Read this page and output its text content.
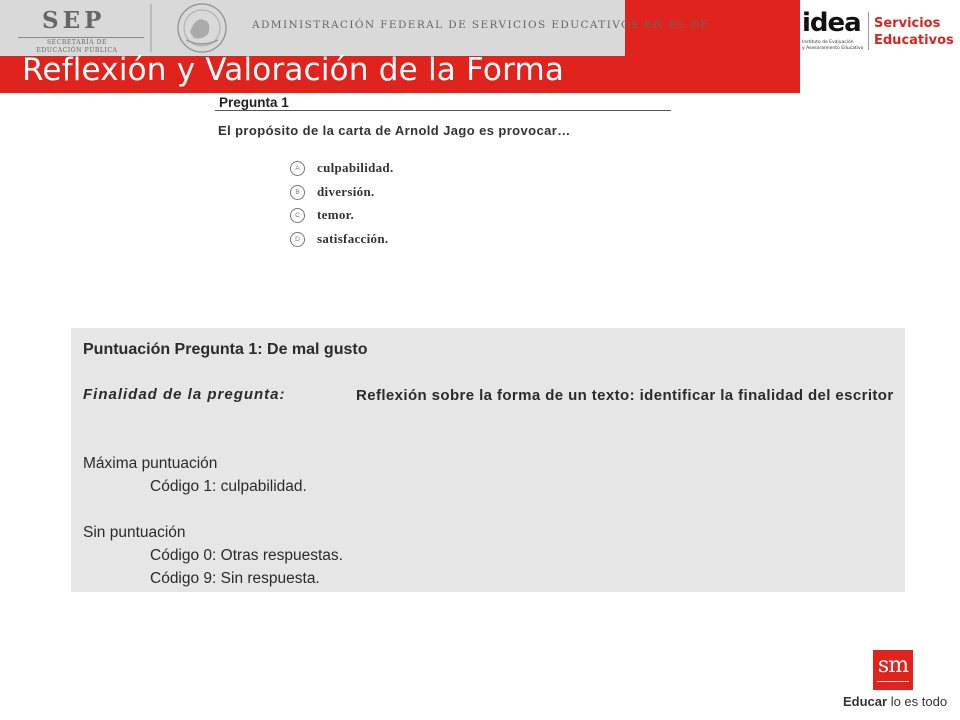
SEP
SECRETARÍA DE
EDUCACIÓN PÚBLICA
ADMINISTRACIÓN FEDERAL DE SERVICIOS EDUCATIVOS EN EL DF
Reflexión y Valoración de la Forma
idea
Instituto de Evaluación
y Asesoramiento Educativo
Servicios
Educativos
Pregunta 1
El propósito de la carta de Arnold Jago es provocar…
A	culpabilidad.
B	diversión.
C	temor.
D	satisfacción.
Puntuación Pregunta 1: De mal gusto
Finalidad de la pregunta:	Reflexión sobre la forma de un texto: identificar la finalidad del escritor
Máxima puntuación
Código 1: culpabilidad.
Sin puntuación
Código 0: Otras respuestas.
Código 9: Sin respuesta.
sm
Educar lo es todo
